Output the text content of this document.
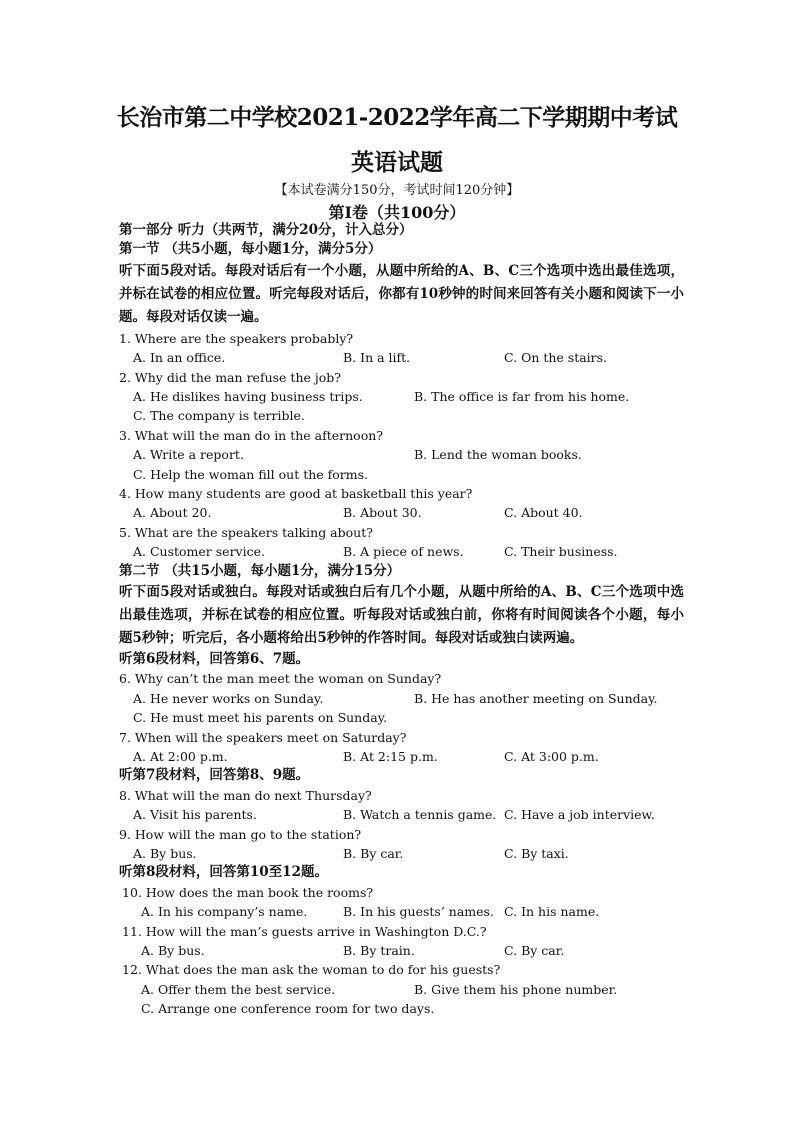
长治市第二中学校2021-2022学年高二下学期期中考试
英语试题
【本试卷满分150分，考试时间120分钟】
第Ⅰ卷（共100分）
第一部分 听力（共两节，满分20分，计入总分）
第一节 （共5小题，每小题1分，满分5分）
听下面5段对话。每段对话后有一个小题，从题中所给的A、B、C三个选项中选出最佳选项，并标在试卷的相应位置。听完每段对话后，你都有10秒钟的时间来回答有关小题和阅读下一小题。每段对话仅读一遍。
1. Where are the speakers probably?
A. In an office.	B. In a lift.	C. On the stairs.
2. Why did the man refuse the job?
A. He dislikes having business trips.	B. The office is far from his home.
C. The company is terrible.
3. What will the man do in the afternoon?
A. Write a report.	B. Lend the woman books.
C. Help the woman fill out the forms.
4. How many students are good at basketball this year?
A. About 20.	B. About 30.	C. About 40.
5. What are the speakers talking about?
A. Customer service.	B. A piece of news.	C. Their business.
第二节 （共15小题，每小题1分，满分15分）
听下面5段对话或独白。每段对话或独白后有几个小题，从题中所给的A、B、C三个选项中选出最佳选项，并标在试卷的相应位置。听每段对话或独白前，你将有时间阅读各个小题，每小题5秒钟；听完后，各小题将给出5秒钟的作答时间。每段对话或独白读两遍。
听第6段材料，回答第6、7题。
6. Why can’t the man meet the woman on Sunday?
A. He never works on Sunday.	B. He has another meeting on Sunday.
C. He must meet his parents on Sunday.
7. When will the speakers meet on Saturday?
A. At 2:00 p.m.	B. At 2:15 p.m.	C. At 3:00 p.m.
听第7段材料，回答第8、9题。
8. What will the man do next Thursday?
A. Visit his parents.	B. Watch a tennis game. C. Have a job interview.
9. How will the man go to the station?
A. By bus.	B. By car.	C. By taxi.
听第8段材料，回答第10至12题。
10. How does the man book the rooms?
A. In his company’s name.	B. In his guests’ names. C. In his name.
11. How will the man’s guests arrive in Washington D.C.?
A. By bus.	B. By train.	C. By car.
12. What does the man ask the woman to do for his guests?
A. Offer them the best service.	B. Give them his phone number.
C. Arrange one conference room for two days.
